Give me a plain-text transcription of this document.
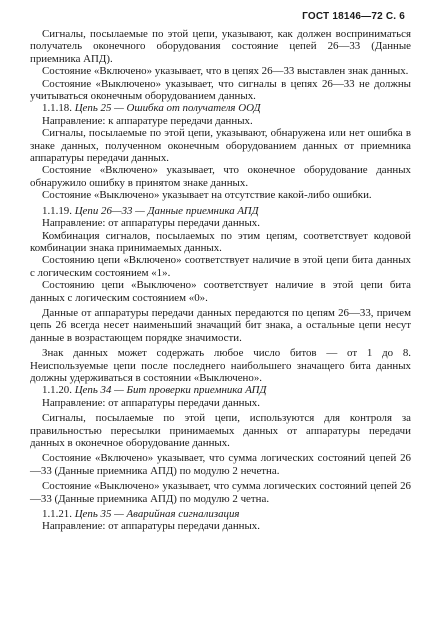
ГОСТ 18146—72 С. 6

Сигналы, посылаемые по этой цепи, указывают, как должен восприниматься получатель оконечного оборудования состояние цепей 26—33 (Данные приемника АПД).

Состояние «Включено» указывает, что в цепях 26—33 выставлен знак данных.

Состояние «Выключено» указывает, что сигналы в цепях 26—33 не должны учитываться оконечным оборудованием данных.

1.1.18. Цепь 25 — Ошибка от получателя ООД

Направление: к аппаратуре передачи данных.

Сигналы, посылаемые по этой цепи, указывают, обнаружена или нет ошибка в знаке данных, полученном оконечным оборудованием данных от приемника аппаратуры передачи данных.

Состояние «Включено» указывает, что оконечное оборудование данных обнаружило ошибку в принятом знаке данных.

Состояние «Выключено» указывает на отсутствие какой-либо ошибки.

1.1.19. Цепи 26—33 — Данные приемника АПД

Направление: от аппаратуры передачи данных.

Комбинация сигналов, посылаемых по этим цепям, соответствует кодовой комбинации знака принимаемых данных.

Состоянию цепи «Включено» соответствует наличие в этой цепи бита данных с логическим состоянием «1».

Состоянию цепи «Выключено» соответствует наличие в этой цепи бита данных с логическим состоянием «0».

Данные от аппаратуры передачи данных передаются по цепям 26—33, причем цепь 26 всегда несет наименьший значащий бит знака, а остальные цепи несут данные в возрастающем порядке значимости.

Знак данных может содержать любое число битов — от 1 до 8. Неиспользуемые цепи после последнего наибольшего значащего бита данных должны удерживаться в состоянии «Выключено».

1.1.20. Цепь 34 — Бит проверки приемника АПД

Направление: от аппаратуры передачи данных.

Сигналы, посылаемые по этой цепи, используются для контроля за правильностью пересылки принимаемых данных от аппаратуры передачи данных в оконечное оборудование данных.

Состояние «Включено» указывает, что сумма логических состояний цепей 26—33 (Данные приемника АПД) по модулю 2 нечетна.

Состояние «Выключено» указывает, что сумма логических состояний цепей 26—33 (Данные приемника АПД) по модулю 2 четна.

1.1.21. Цепь 35 — Аварийная сигнализация

Направление: от аппаратуры передачи данных.
